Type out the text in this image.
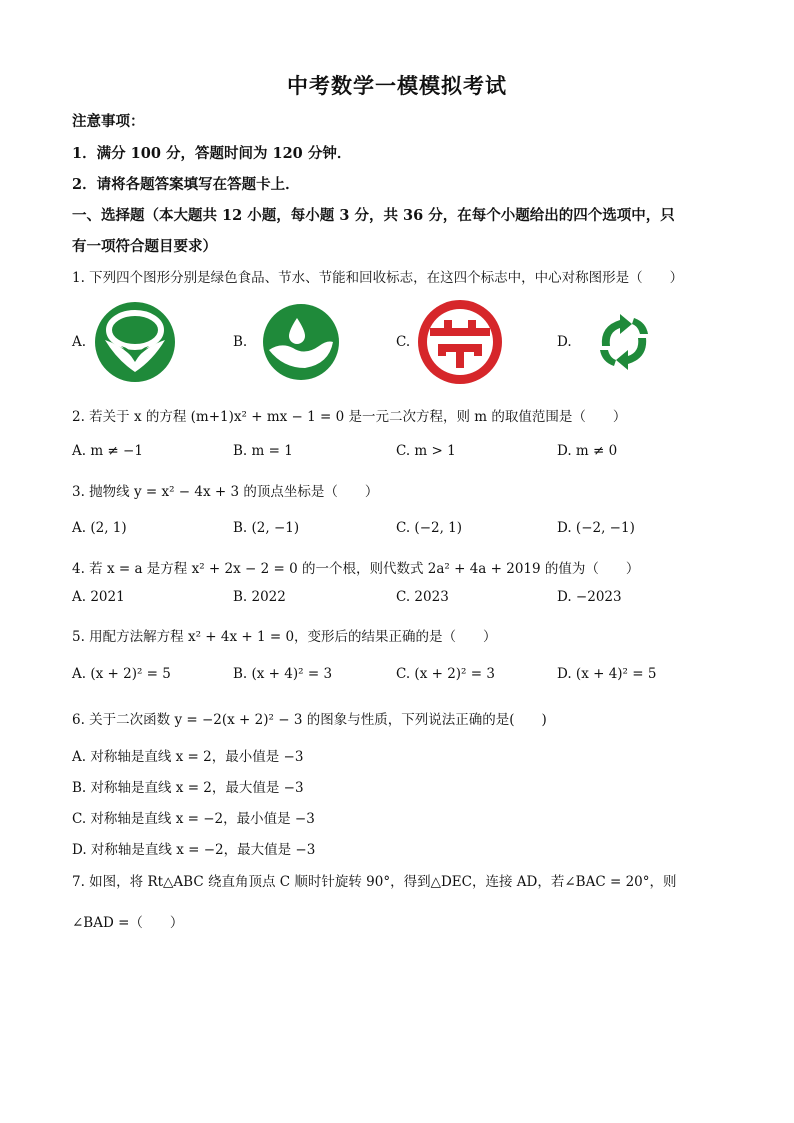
中考数学一模模拟考试
注意事项：
1．满分 100 分，答题时间为 120 分钟．
2．请将各题答案填写在答题卡上．
一、选择题（本大题共 12 小题，每小题 3 分，共 36 分，在每个小题给出的四个选项中，只
有一项符合题目要求）
1. 下列四个图形分别是绿色食品、节水、节能和回收标志，在这四个标志中，中心对称图形是（　　）
A.	B.	C.	D.
2. 若关于 x 的方程 (m+1)x² + mx − 1 = 0 是一元二次方程，则 m 的取值范围是（　　）
A. m ≠ −1	B. m = 1	C. m > 1	D. m ≠ 0
3. 抛物线 y = x² − 4x + 3 的顶点坐标是（　　）
A. (2, 1)	B. (2, −1)	C. (−2, 1)	D. (−2, −1)
4. 若 x = a 是方程 x² + 2x − 2 = 0 的一个根，则代数式 2a² + 4a + 2019 的值为（　　）
A. 2021	B. 2022	C. 2023	D. −2023
5. 用配方法解方程 x² + 4x + 1 = 0，变形后的结果正确的是（　　）
A. (x + 2)² = 5	B. (x + 4)² = 3	C. (x + 2)² = 3	D. (x + 4)² = 5
6. 关于二次函数 y = −2(x + 2)² − 3 的图象与性质，下列说法正确的是(　　)
A. 对称轴是直线 x = 2，最小值是 −3
B. 对称轴是直线 x = 2，最大值是 −3
C. 对称轴是直线 x = −2，最小值是 −3
D. 对称轴是直线 x = −2，最大值是 −3
7. 如图，将 Rt△ABC 绕直角顶点 C 顺时针旋转 90°，得到△DEC，连接 AD，若∠BAC = 20°，则
∠BAD =（　　）
